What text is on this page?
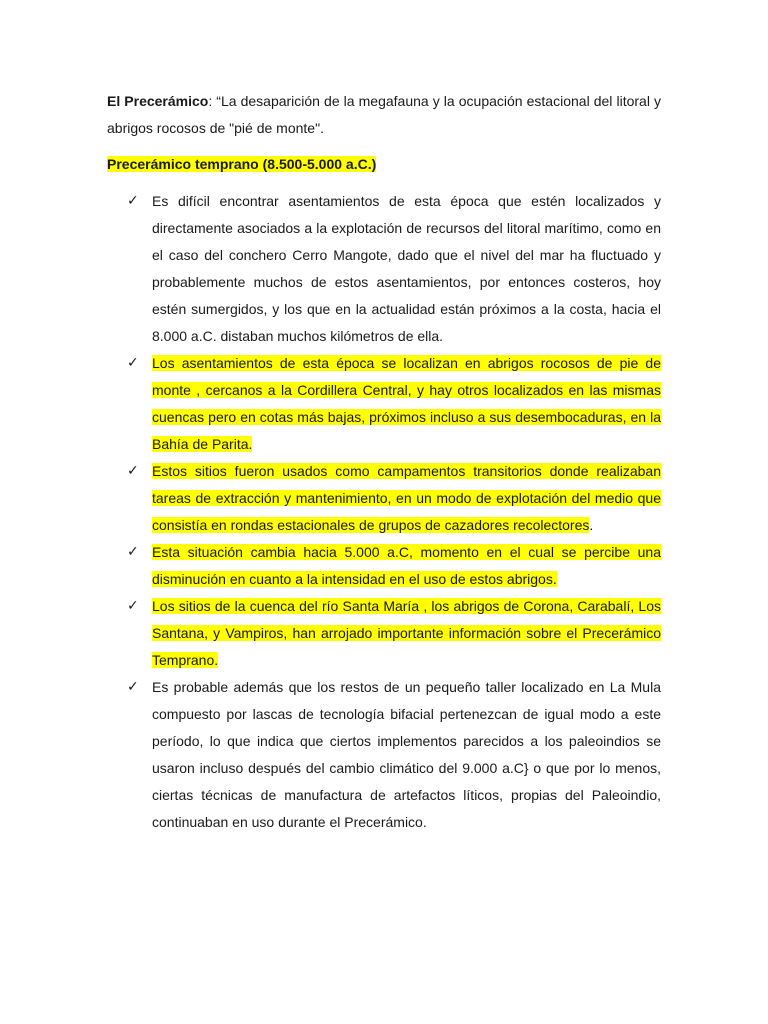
El Precerámico: “La desaparición de la megafauna y la ocupación estacional del litoral y abrigos rocosos de "pié de monte".

Precerámico temprano (8.500-5.000 a.C.)

✓ Es difícil encontrar asentamientos de esta época que estén localizados y directamente asociados a la explotación de recursos del litoral marítimo, como en el caso del conchero Cerro Mangote, dado que el nivel del mar ha fluctuado y probablemente muchos de estos asentamientos, por entonces costeros, hoy estén sumergidos, y los que en la actualidad están próximos a la costa, hacia el 8.000 a.C. distaban muchos kilómetros de ella.
✓ Los asentamientos de esta época se localizan en abrigos rocosos de pie de monte , cercanos a la Cordillera Central, y hay otros localizados en las mismas cuencas pero en cotas más bajas, próximos incluso a sus desembocaduras, en la Bahía de Parita.
✓ Estos sitios fueron usados como campamentos transitorios donde realizaban tareas de extracción y mantenimiento, en un modo de explotación del medio que consistía en rondas estacionales de grupos de cazadores recolectores.
✓ Esta situación cambia hacia 5.000 a.C, momento en el cual se percibe una disminución en cuanto a la intensidad en el uso de estos abrigos.
✓ Los sitios de la cuenca del río Santa María , los abrigos de Corona, Carabalí, Los Santana, y Vampiros, han arrojado importante información sobre el Precerámico Temprano.
✓ Es probable además que los restos de un pequeño taller localizado en La Mula compuesto por lascas de tecnología bifacial pertenezcan de igual modo a este período, lo que indica que ciertos implementos parecidos a los paleoindios se usaron incluso después del cambio climático del 9.000 a.C} o que por lo menos, ciertas técnicas de manufactura de artefactos líticos, propias del Paleoindio, continuaban en uso durante el Precerámico.
